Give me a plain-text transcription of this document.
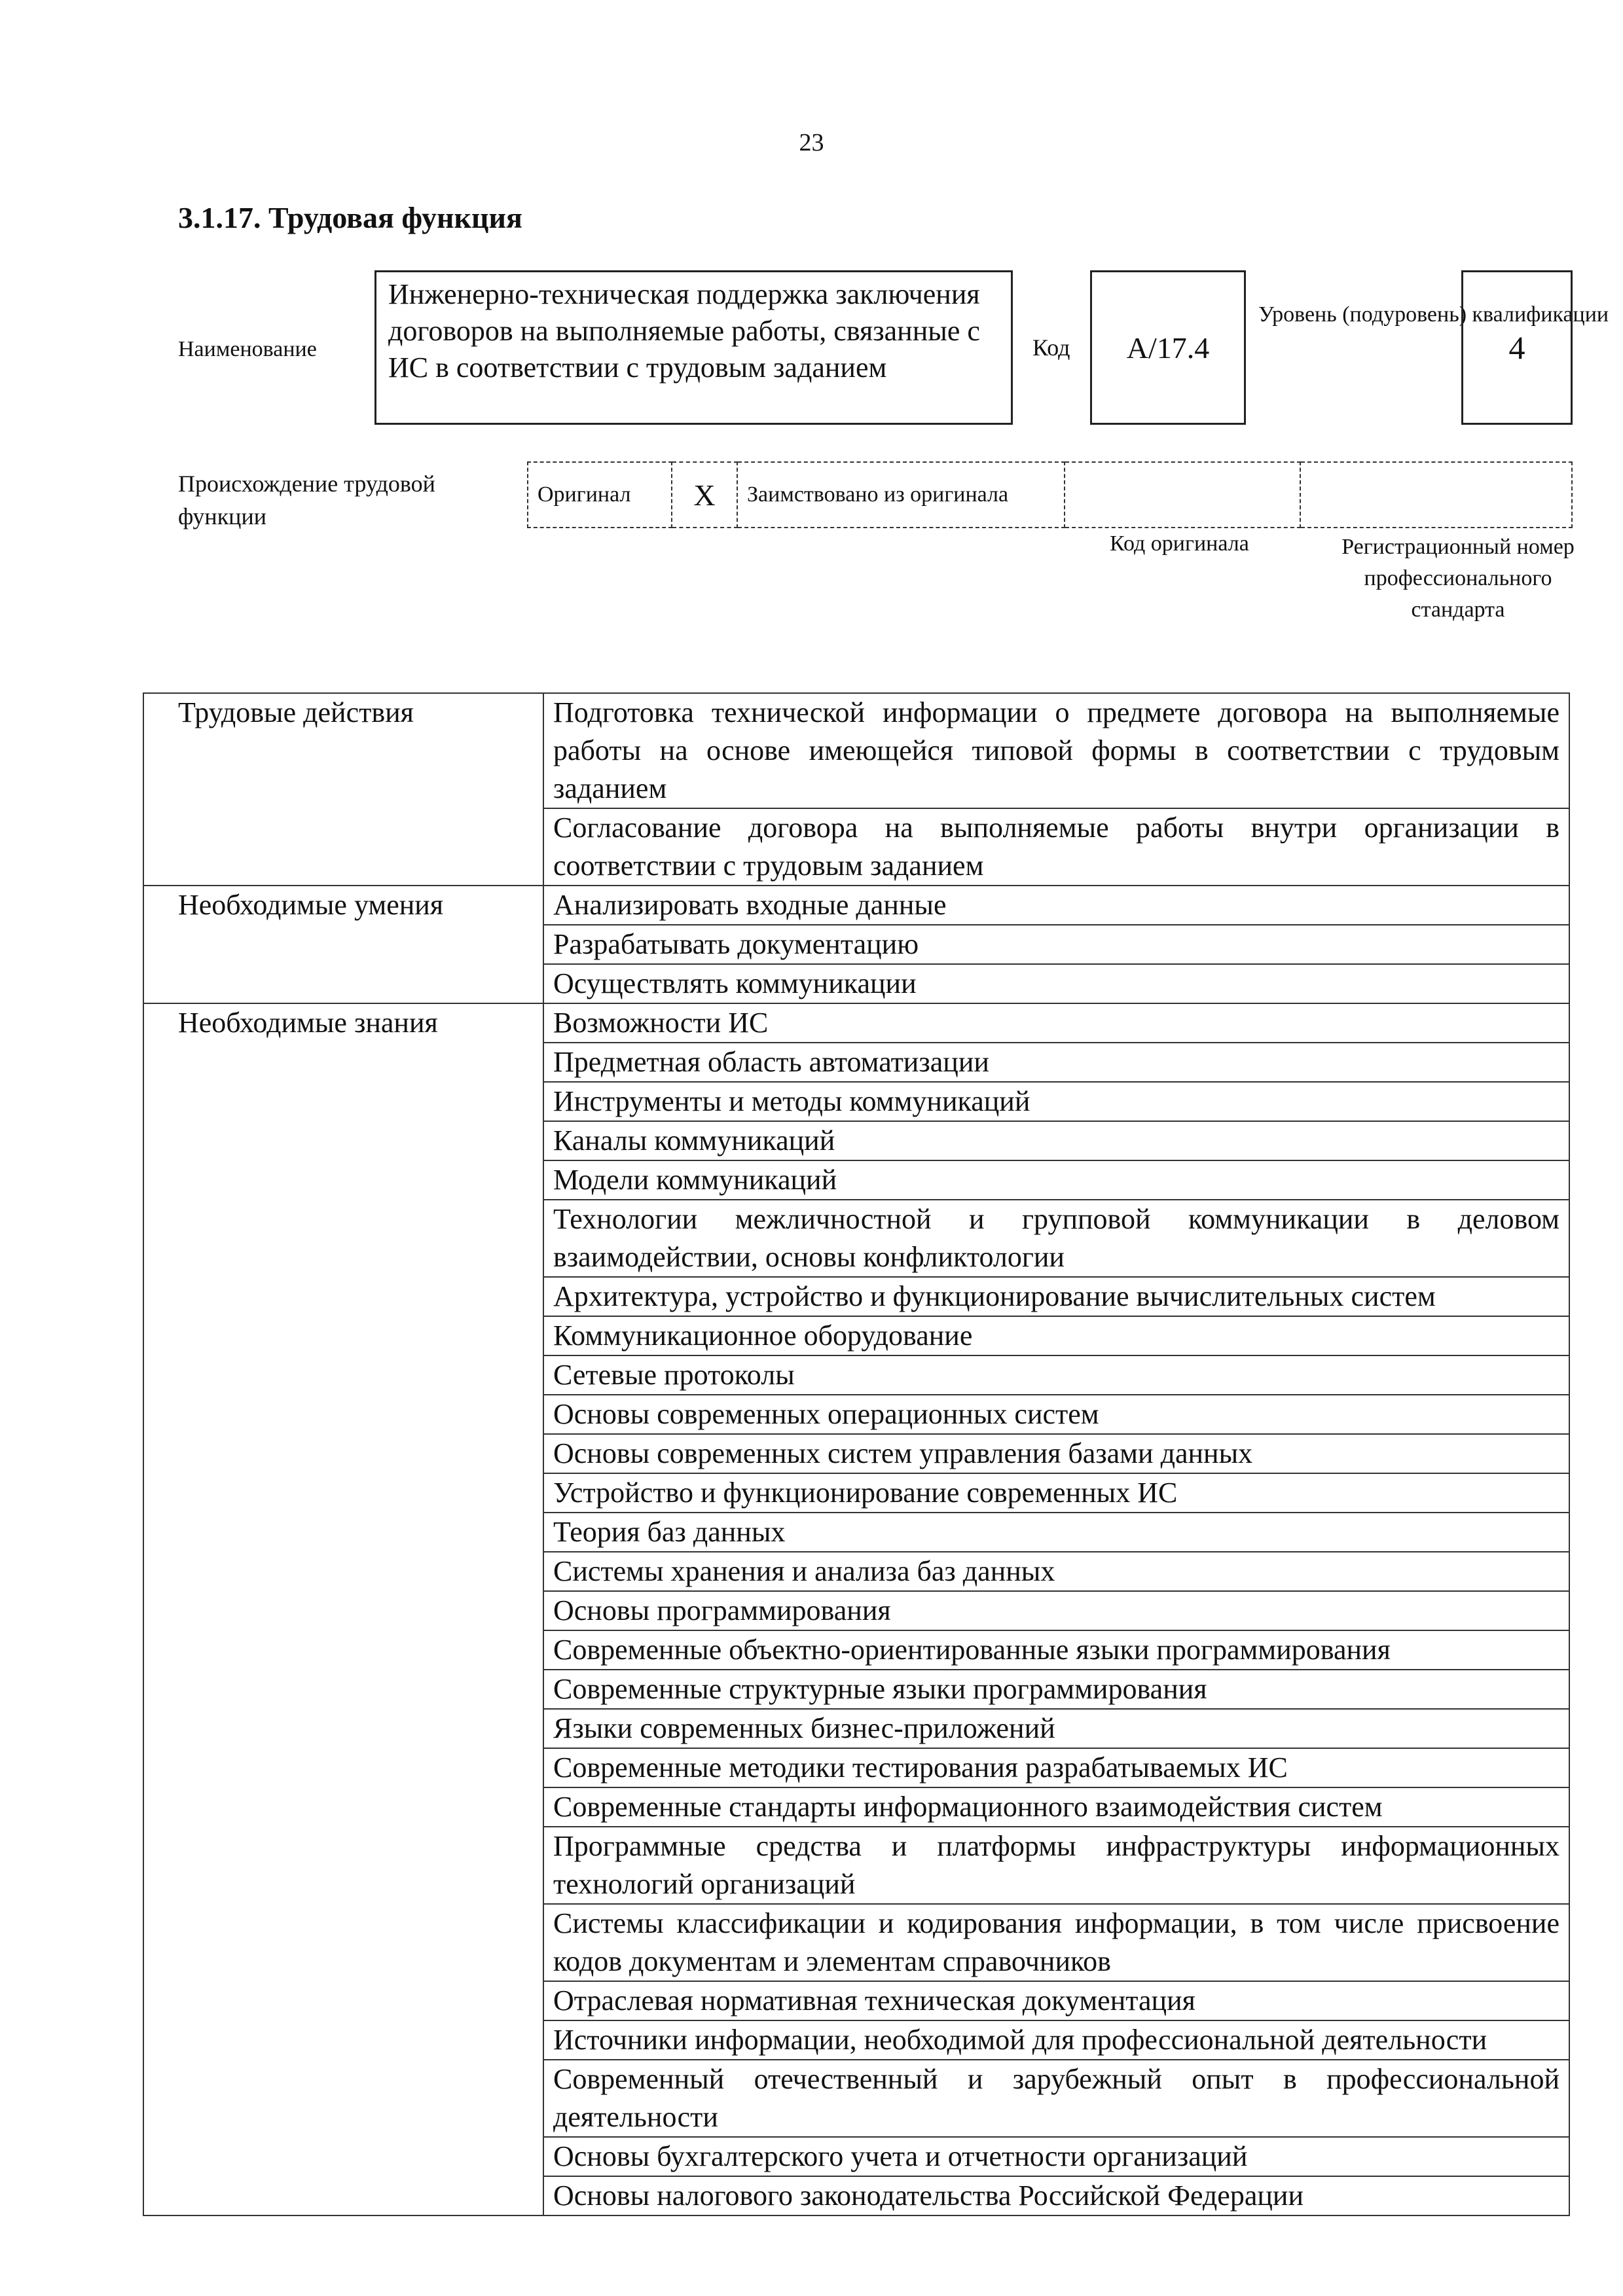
23
3.1.17. Трудовая функция
Наименование
Инженерно-техническая поддержка заключения договоров на выполняемые работы, связанные с ИС в соответствии с трудовым заданием
Код	A/17.4
Уровень (подуровень) квалификации
4
Происхождение трудовой функции
Оригинал	X	Заимствовано из оригинала		
Код оригинала	Регистрационный номер профессионального стандарта
Трудовые действия	Подготовка технической информации о предмете договора на выполняемые работы на основе имеющейся типовой формы в соответствии с трудовым заданием
	Согласование договора на выполняемые работы внутри организации в соответствии с трудовым заданием
Необходимые умения	Анализировать входные данные
	Разрабатывать документацию
	Осуществлять коммуникации
Необходимые знания	Возможности ИС
	Предметная область автоматизации
	Инструменты и методы коммуникаций
	Каналы коммуникаций
	Модели коммуникаций
	Технологии межличностной и групповой коммуникации в деловом взаимодействии, основы конфликтологии
	Архитектура, устройство и функционирование вычислительных систем
	Коммуникационное оборудование
	Сетевые протоколы
	Основы современных операционных систем
	Основы современных систем управления базами данных
	Устройство и функционирование современных ИС
	Теория баз данных
	Системы хранения и анализа баз данных
	Основы программирования
	Современные объектно-ориентированные языки программирования
	Современные структурные языки программирования
	Языки современных бизнес-приложений
	Современные методики тестирования разрабатываемых ИС
	Современные стандарты информационного взаимодействия систем
	Программные средства и платформы инфраструктуры информационных технологий организаций
	Системы классификации и кодирования информации, в том числе присвоение кодов документам и элементам справочников
	Отраслевая нормативная техническая документация
	Источники информации, необходимой для профессиональной деятельности
	Современный отечественный и зарубежный опыт в профессиональной деятельности
	Основы бухгалтерского учета и отчетности организаций
	Основы налогового законодательства Российской Федерации
